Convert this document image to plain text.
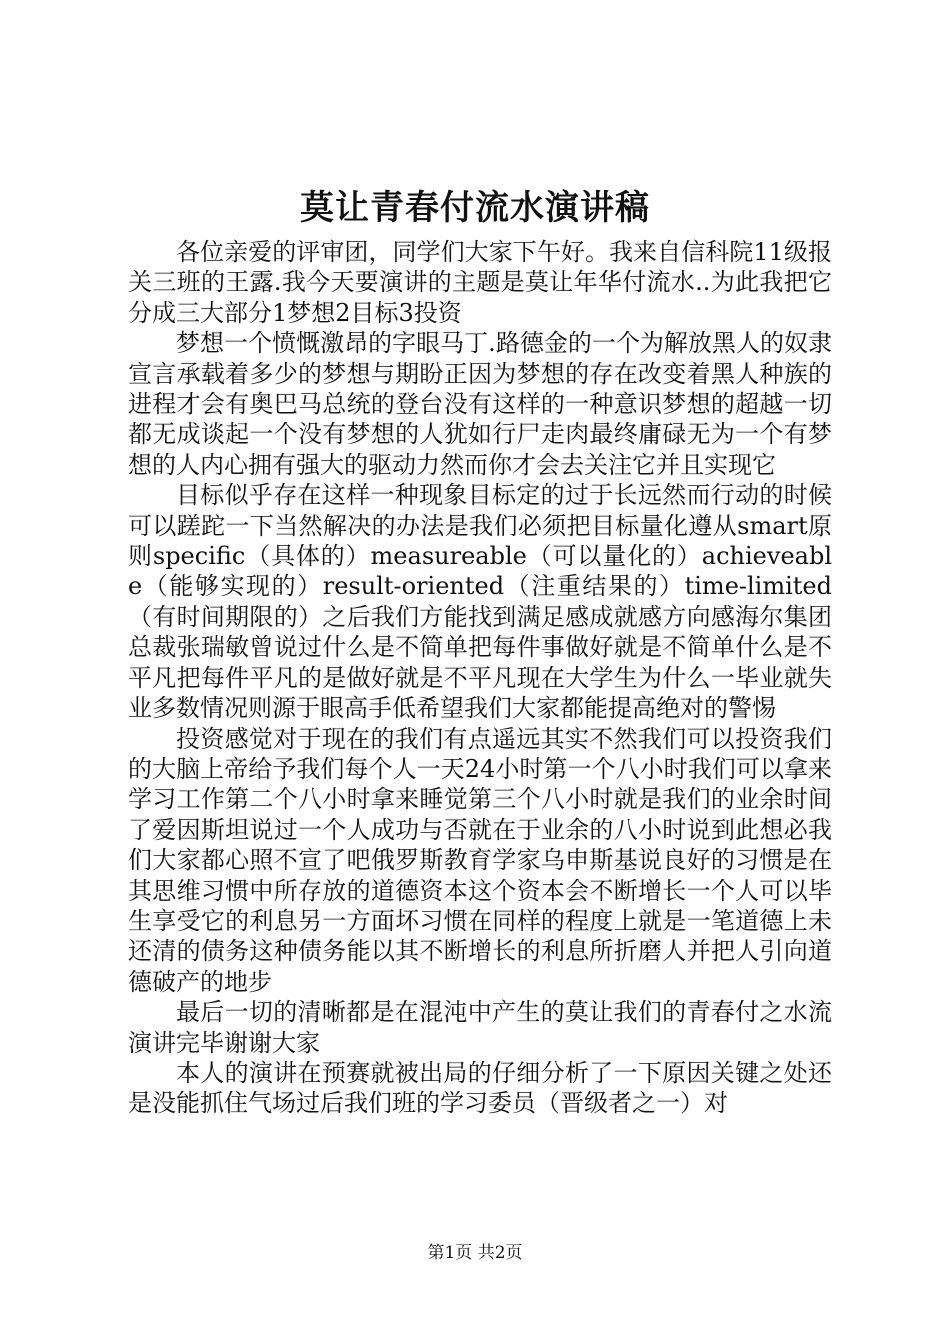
莫让青春付流水演讲稿

各位亲爱的评审团，同学们大家下午好。我来自信科院11级报关三班的王露.我今天要演讲的主题是莫让年华付流水..为此我把它分成三大部分1梦想2目标3投资

梦想一个愤慨激昂的字眼马丁.路德金的一个为解放黑人的奴隶宣言承载着多少的梦想与期盼正因为梦想的存在改变着黑人种族的进程才会有奥巴马总统的登台没有这样的一种意识梦想的超越一切都无成谈起一个没有梦想的人犹如行尸走肉最终庸碌无为一个有梦想的人内心拥有强大的驱动力然而你才会去关注它并且实现它

目标似乎存在这样一种现象目标定的过于长远然而行动的时候可以蹉跎一下当然解决的办法是我们必须把目标量化遵从smart原则specific（具体的）measureable（可以量化的）achieveable（能够实现的）result-oriented（注重结果的）time-limited（有时间期限的）之后我们方能找到满足感成就感方向感海尔集团总裁张瑞敏曾说过什么是不简单把每件事做好就是不简单什么是不平凡把每件平凡的是做好就是不平凡现在大学生为什么一毕业就失业多数情况则源于眼高手低希望我们大家都能提高绝对的警惕

投资感觉对于现在的我们有点遥远其实不然我们可以投资我们的大脑上帝给予我们每个人一天24小时第一个八小时我们可以拿来学习工作第二个八小时拿来睡觉第三个八小时就是我们的业余时间了爱因斯坦说过一个人成功与否就在于业余的八小时说到此想必我们大家都心照不宣了吧俄罗斯教育学家乌申斯基说良好的习惯是在其思维习惯中所存放的道德资本这个资本会不断增长一个人可以毕生享受它的利息另一方面坏习惯在同样的程度上就是一笔道德上未还清的债务这种债务能以其不断增长的利息所折磨人并把人引向道德破产的地步

最后一切的清晰都是在混沌中产生的莫让我们的青春付之水流演讲完毕谢谢大家

本人的演讲在预赛就被出局的仔细分析了一下原因关键之处还是没能抓住气场过后我们班的学习委员（晋级者之一）对

第1页 共2页
